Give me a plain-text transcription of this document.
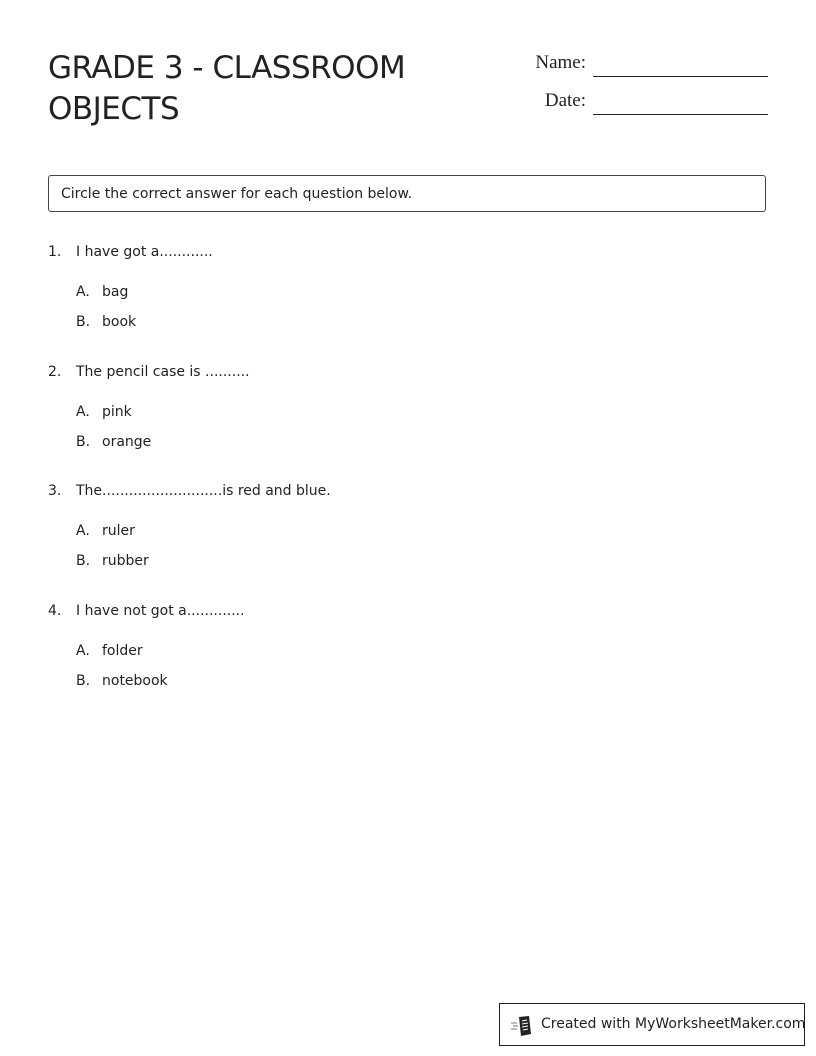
GRADE 3 - CLASSROOM OBJECTS
Name:
Date:
Circle the correct answer for each question below.
1. I have got a............
A. bag
B. book
2. The pencil case is ..........
A. pink
B. orange
3. The...........................is red and blue.
A. ruler
B. rubber
4. I have not got a.............
A. folder
B. notebook
Created with MyWorksheetMaker.com
